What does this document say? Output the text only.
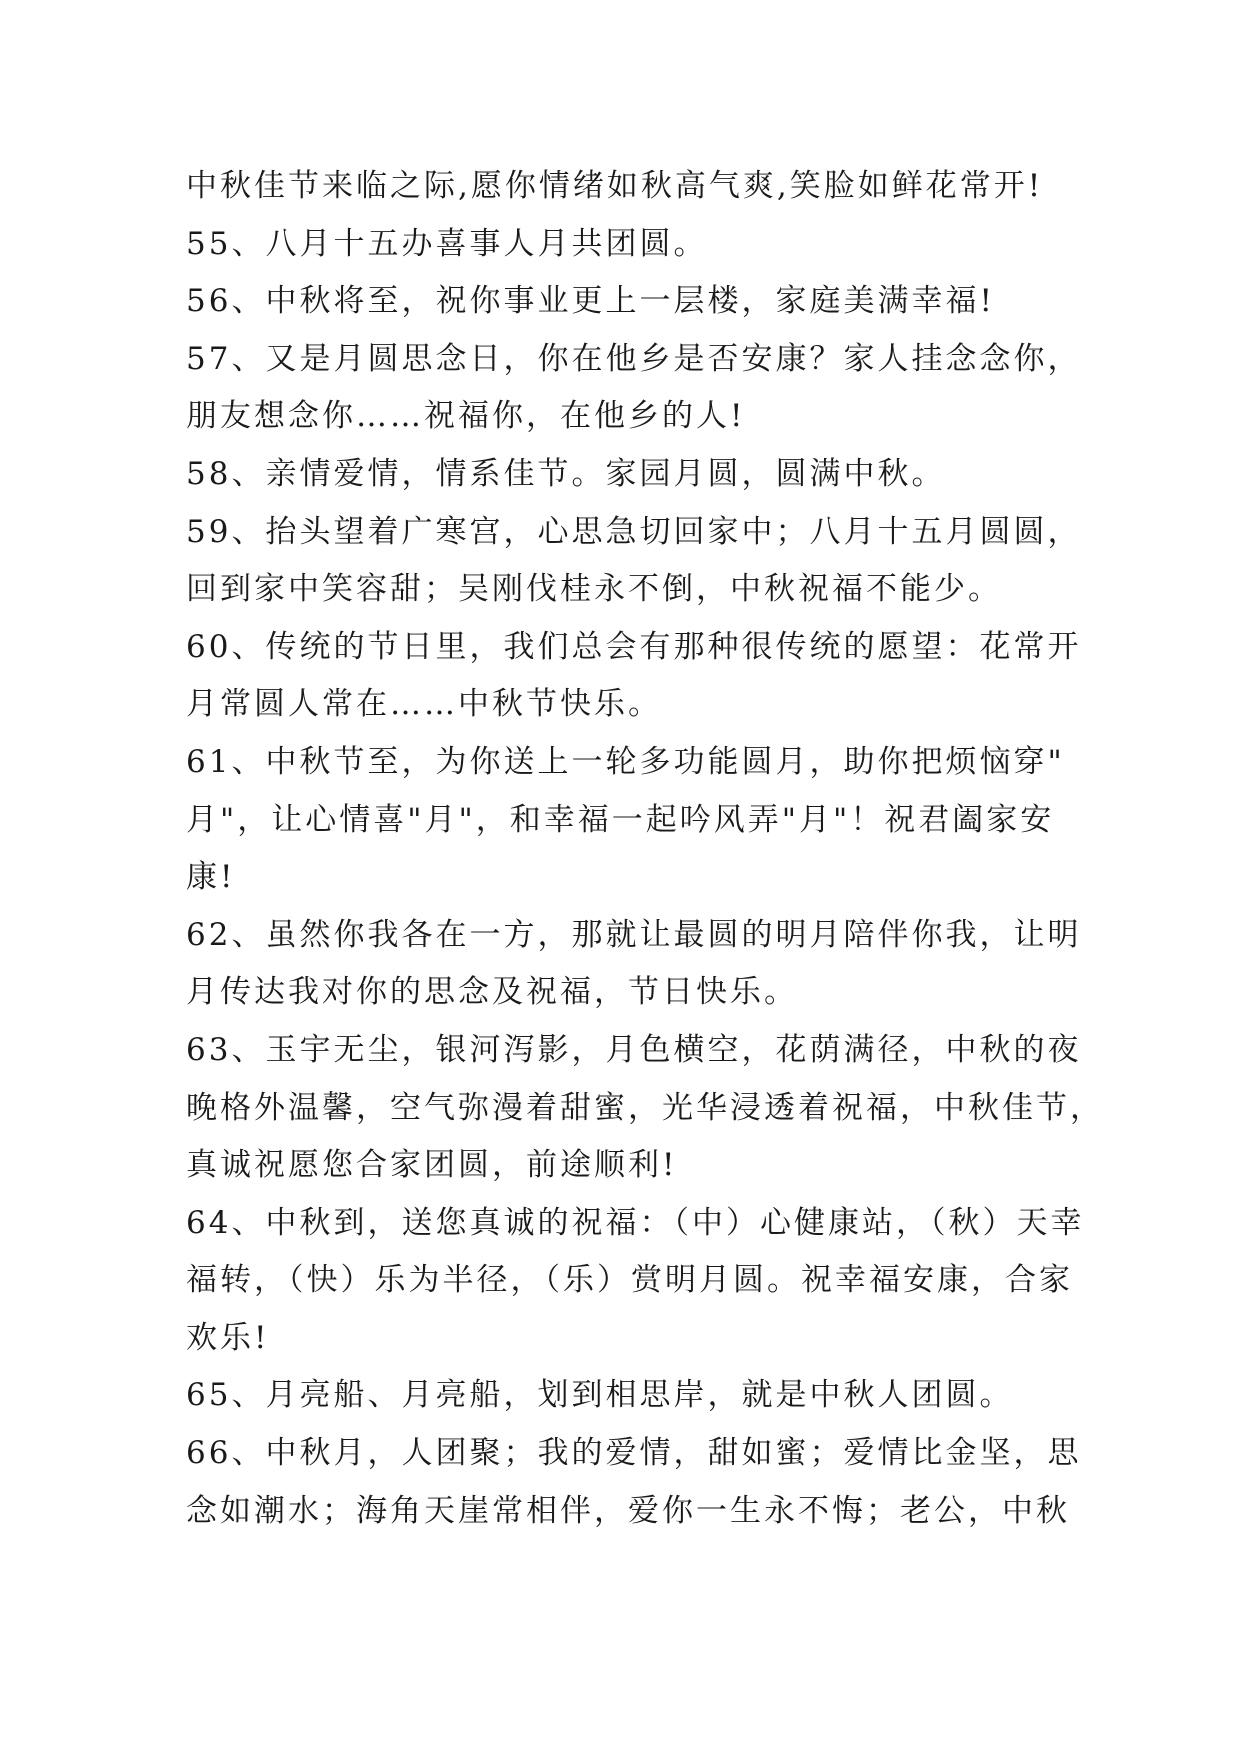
中秋佳节来临之际,愿你情绪如秋高气爽,笑脸如鲜花常开!
55、八月十五办喜事人月共团圆。
56、中秋将至，祝你事业更上一层楼，家庭美满幸福!
57、又是月圆思念日，你在他乡是否安康？家人挂念念你，
朋友想念你……祝福你，在他乡的人!
58、亲情爱情，情系佳节。家园月圆，圆满中秋。
59、抬头望着广寒宫，心思急切回家中；八月十五月圆圆，
回到家中笑容甜；吴刚伐桂永不倒，中秋祝福不能少。
60、传统的节日里，我们总会有那种很传统的愿望：花常开
月常圆人常在……中秋节快乐。
61、中秋节至，为你送上一轮多功能圆月，助你把烦恼穿"
月"，让心情喜"月"，和幸福一起吟风弄"月"！祝君阖家安
康!
62、虽然你我各在一方，那就让最圆的明月陪伴你我，让明
月传达我对你的思念及祝福，节日快乐。
63、玉宇无尘，银河泻影，月色横空，花荫满径，中秋的夜
晚格外温馨，空气弥漫着甜蜜，光华浸透着祝福，中秋佳节，
真诚祝愿您合家团圆，前途顺利!
64、中秋到，送您真诚的祝福：（中）心健康站，（秋）天幸
福转，（快）乐为半径，（乐）赏明月圆。祝幸福安康，合家
欢乐!
65、月亮船、月亮船，划到相思岸，就是中秋人团圆。
66、中秋月，人团聚；我的爱情，甜如蜜；爱情比金坚，思
念如潮水；海角天崖常相伴，爱你一生永不悔；老公，中秋
